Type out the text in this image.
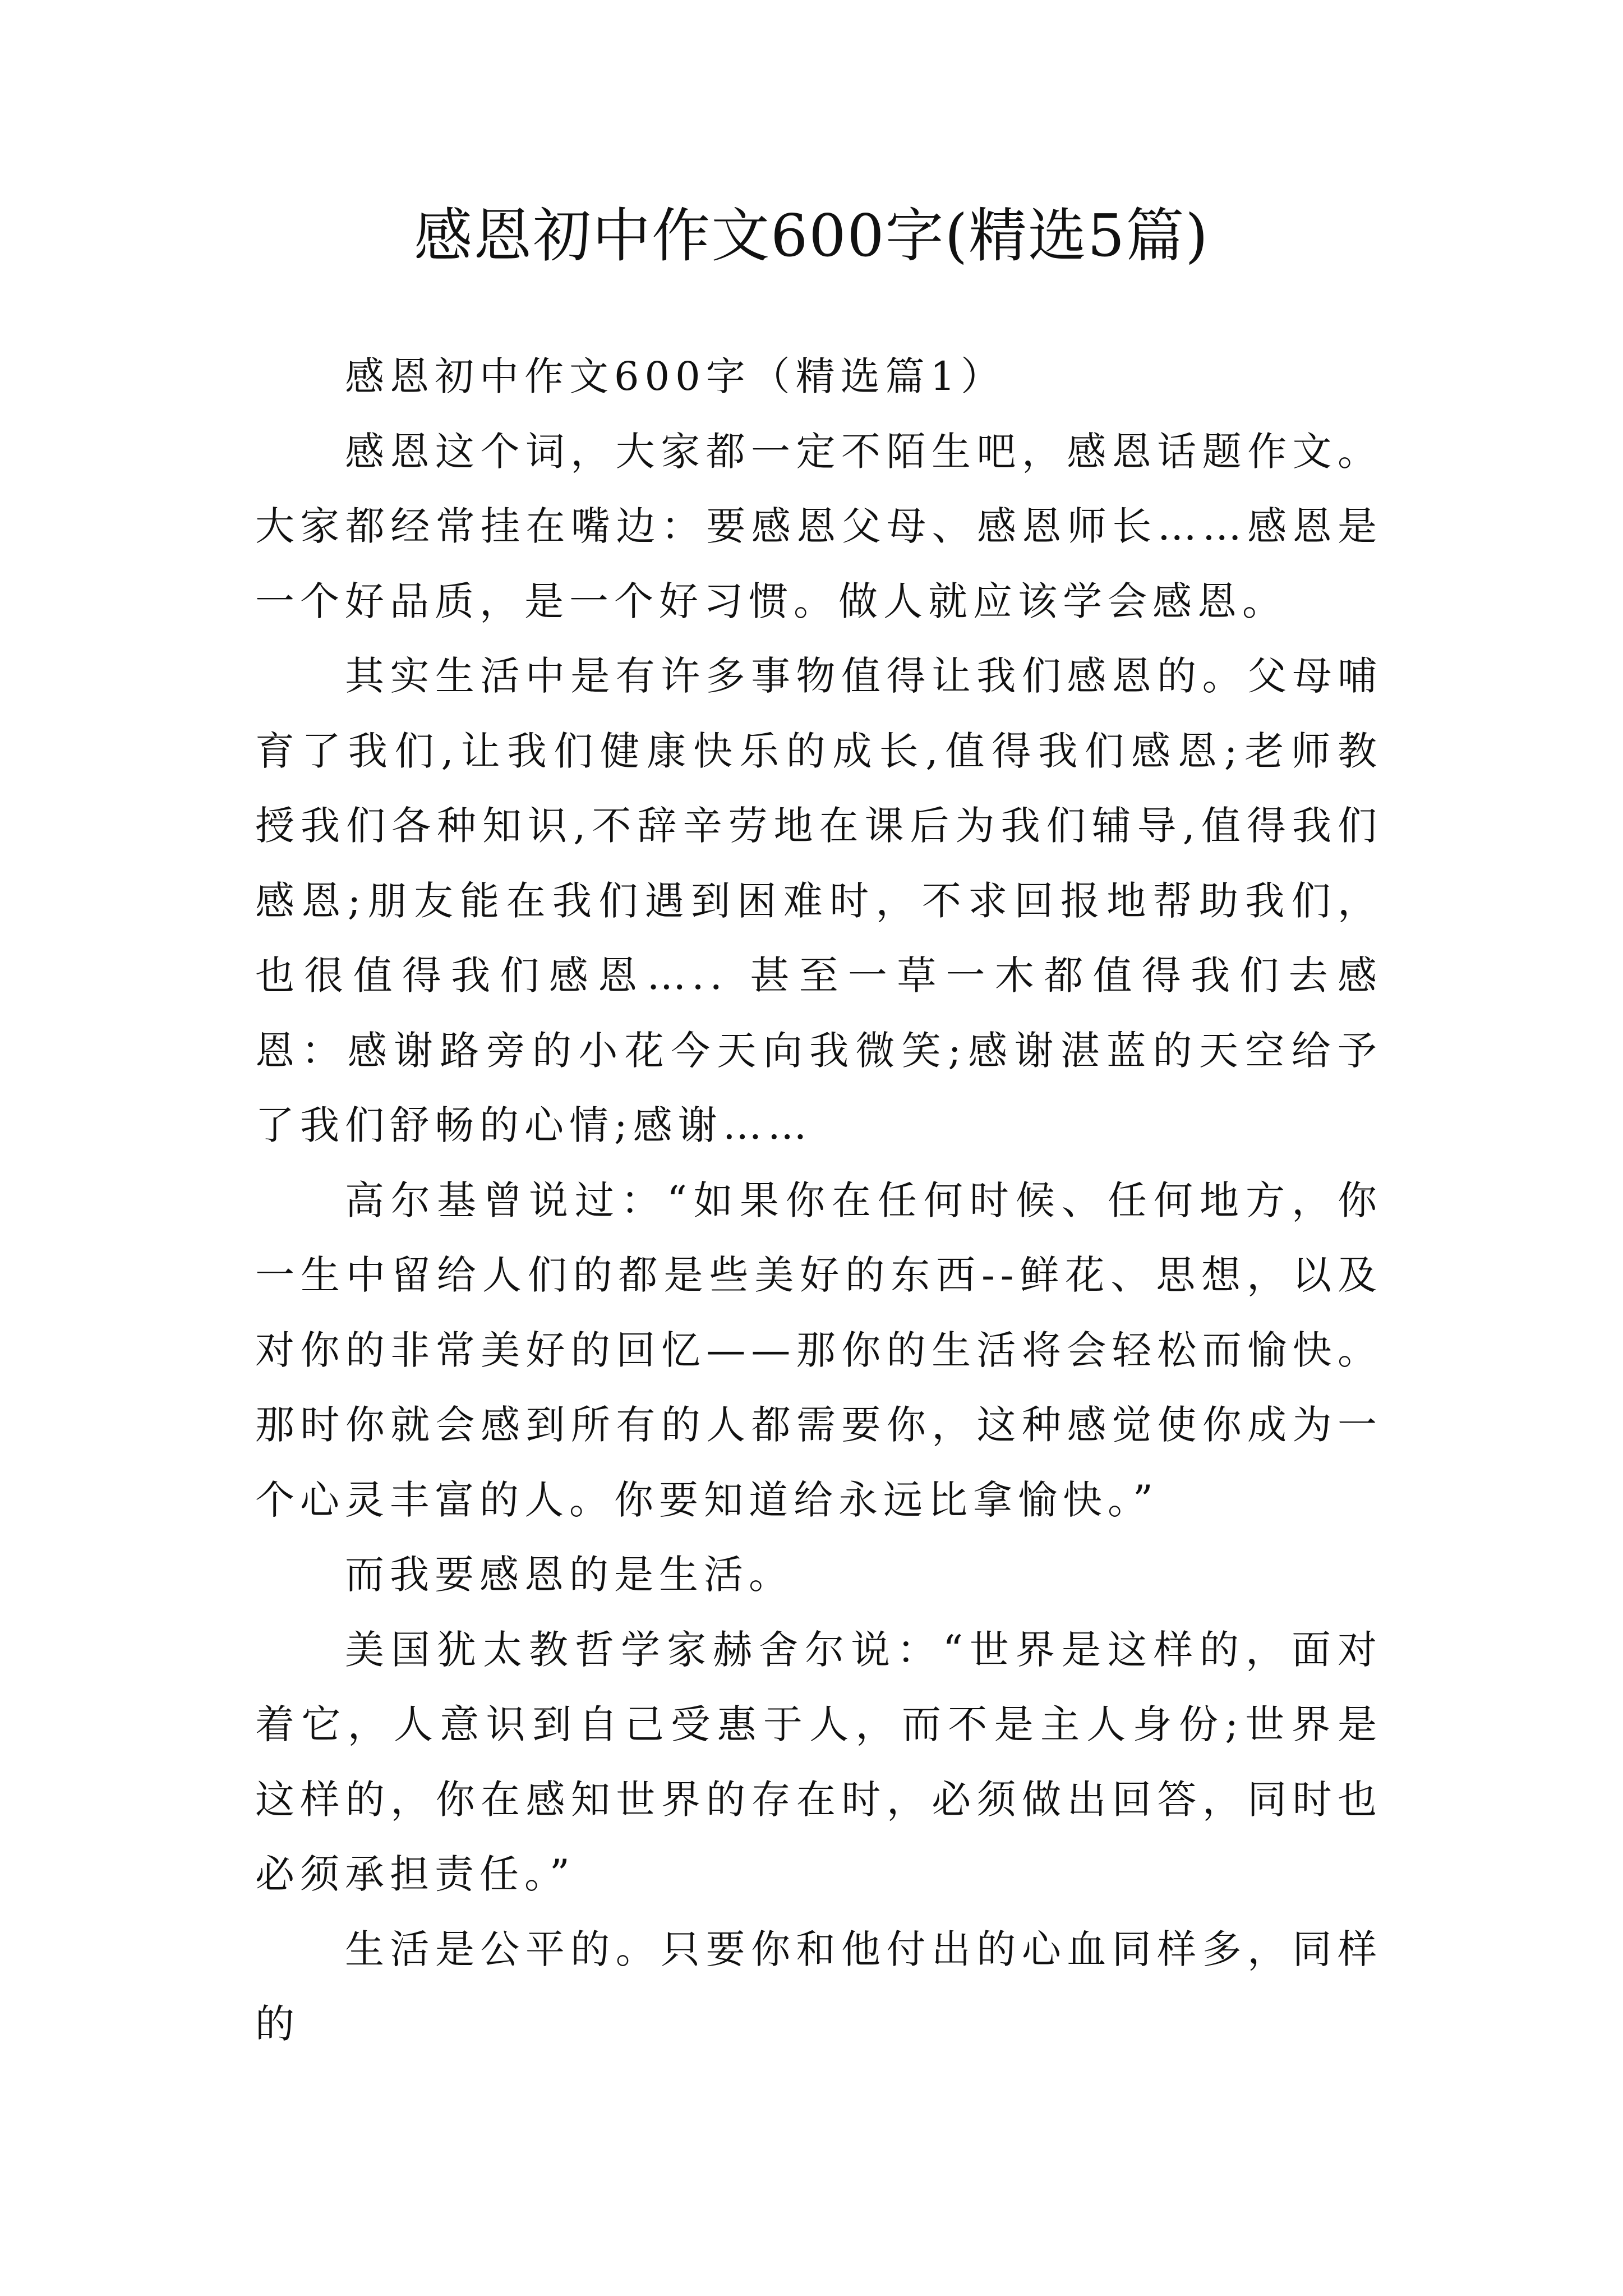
感恩初中作文600字(精选5篇)

感恩初中作文600字（精选篇1）

感恩这个词，大家都一定不陌生吧，感恩话题作文。大家都经常挂在嘴边：要感恩父母、感恩师长……感恩是一个好品质，是一个好习惯。做人就应该学会感恩。

其实生活中是有许多事物值得让我们感恩的。父母哺育了我们,让我们健康快乐的成长,值得我们感恩;老师教授我们各种知识,不辞辛劳地在课后为我们辅导,值得我们感恩;朋友能在我们遇到困难时，不求回报地帮助我们，也很值得我们感恩….. 甚至一草一木都值得我们去感恩：感谢路旁的小花今天向我微笑;感谢湛蓝的天空给予了我们舒畅的心情;感谢……

高尔基曾说过：“如果你在任何时候、任何地方，你一生中留给人们的都是些美好的东西--鲜花、思想，以及对你的非常美好的回忆——那你的生活将会轻松而愉快。那时你就会感到所有的人都需要你，这种感觉使你成为一个心灵丰富的人。你要知道给永远比拿愉快。”

而我要感恩的是生活。

美国犹太教哲学家赫舍尔说：“世界是这样的，面对着它，人意识到自己受惠于人，而不是主人身份;世界是这样的，你在感知世界的存在时，必须做出回答，同时也必须承担责任。”

生活是公平的。只要你和他付出的心血同样多，同样的
